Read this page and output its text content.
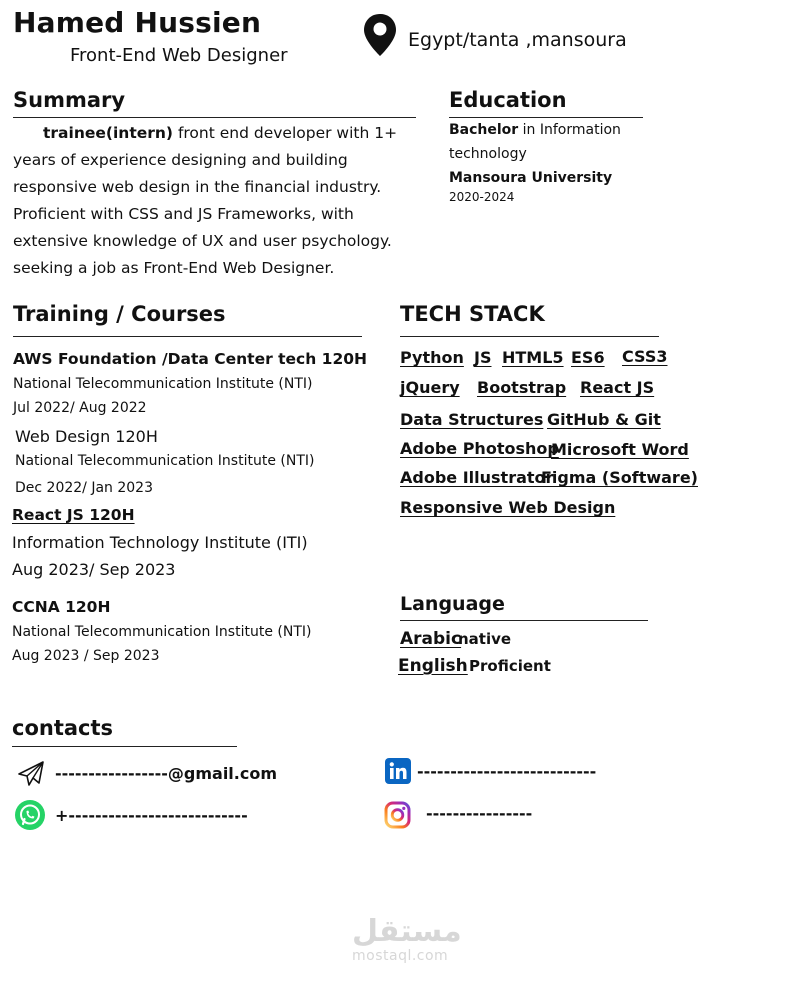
Hamed Hussien
Front-End Web Designer
Egypt/tanta ,mansoura
Summary
trainee(intern) front end developer with 1+ years of experience designing and building responsive web design in the financial industry. Proficient with CSS and JS Frameworks, with extensive knowledge of UX and user psychology. seeking a job as Front-End Web Designer.
Education
Bachelor in Information technology
Mansoura University
2020-2024
Training / Courses
AWS Foundation /Data Center tech 120H
National Telecommunication Institute (NTI)
Jul 2022/ Aug 2022
Web Design 120H
National Telecommunication Institute (NTI)
Dec 2022/ Jan 2023
React JS 120H
Information Technology Institute (ITI)
Aug 2023/ Sep 2023
CCNA 120H
National Telecommunication Institute (NTI)
Aug 2023 / Sep 2023
TECH STACK
Python JS HTML5 ES6 CSS3
jQuery Bootstrap React JS
Data Structures GitHub & Git
Adobe Photoshop
Microsoft Word
Adobe Illustrator
Figma (Software)
Responsive Web Design
Language
Arabic
native
English Proficient
contacts
-----------------@gmail.com
+---------------------------
---------------------------
----------------
مستقل
mostaql.com
